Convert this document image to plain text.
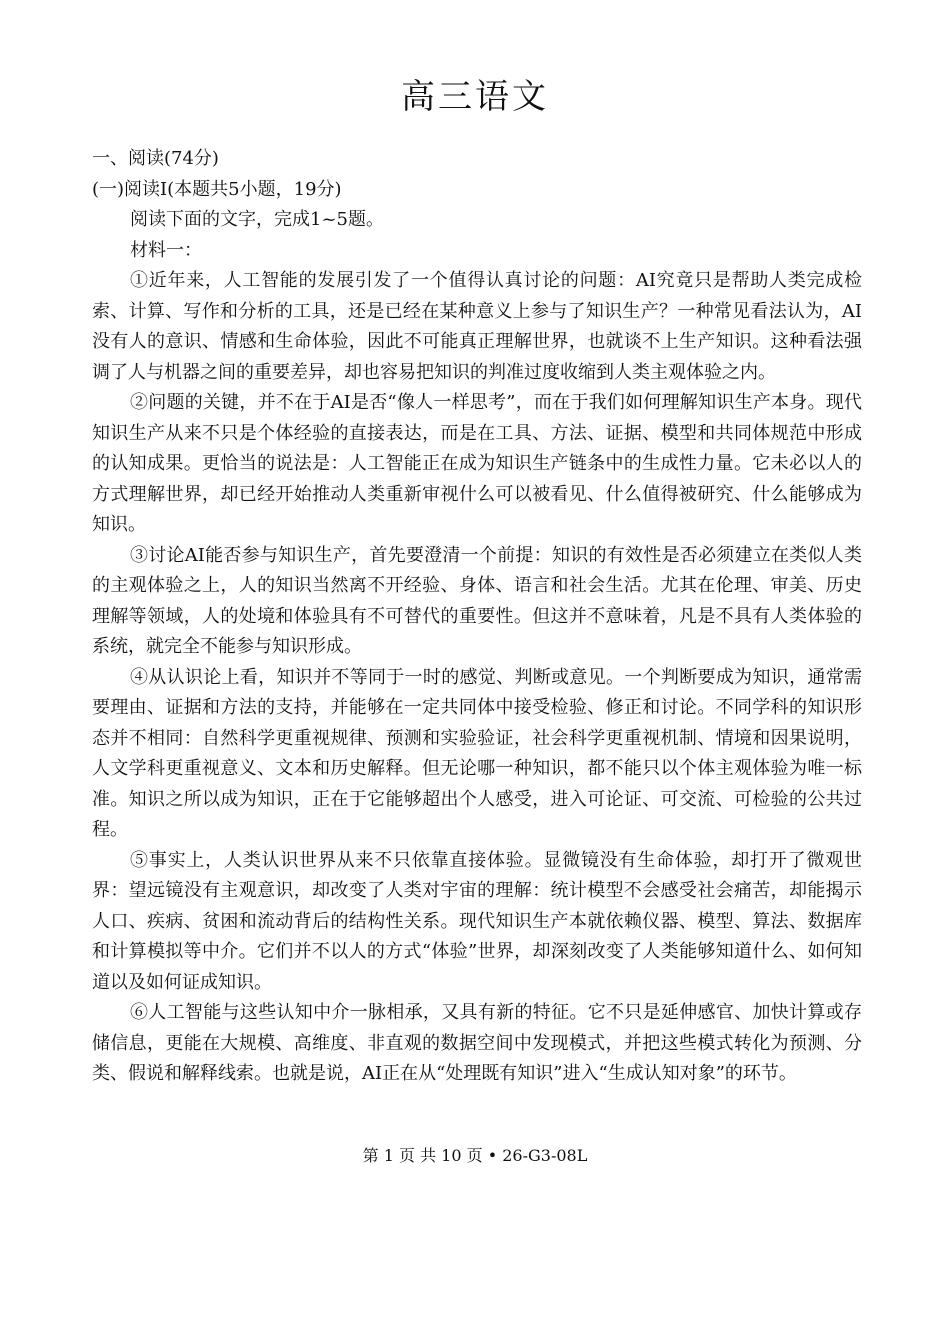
高三语文

一、阅读(74分)

(一)阅读Ⅰ(本题共5小题，19分)

阅读下面的文字，完成1~5题。

材料一：

①近年来，人工智能的发展引发了一个值得认真讨论的问题：AI究竟只是帮助人类完成检索、计算、写作和分析的工具，还是已经在某种意义上参与了知识生产？一种常见看法认为，AI没有人的意识、情感和生命体验，因此不可能真正理解世界，也就谈不上生产知识。这种看法强调了人与机器之间的重要差异，却也容易把知识的判准过度收缩到人类主观体验之内。

②问题的关键，并不在于AI是否“像人一样思考”，而在于我们如何理解知识生产本身。现代知识生产从来不只是个体经验的直接表达，而是在工具、方法、证据、模型和共同体规范中形成的认知成果。更恰当的说法是：人工智能正在成为知识生产链条中的生成性力量。它未必以人的方式理解世界，却已经开始推动人类重新审视什么可以被看见、什么值得被研究、什么能够成为知识。

③讨论AI能否参与知识生产，首先要澄清一个前提：知识的有效性是否必须建立在类似人类的主观体验之上，人的知识当然离不开经验、身体、语言和社会生活。尤其在伦理、审美、历史理解等领域，人的处境和体验具有不可替代的重要性。但这并不意味着，凡是不具有人类体验的系统，就完全不能参与知识形成。

④从认识论上看，知识并不等同于一时的感觉、判断或意见。一个判断要成为知识，通常需要理由、证据和方法的支持，并能够在一定共同体中接受检验、修正和讨论。不同学科的知识形态并不相同：自然科学更重视规律、预测和实验验证，社会科学更重视机制、情境和因果说明，人文学科更重视意义、文本和历史解释。但无论哪一种知识，都不能只以个体主观体验为唯一标准。知识之所以成为知识，正在于它能够超出个人感受，进入可论证、可交流、可检验的公共过程。

⑤事实上，人类认识世界从来不只依靠直接体验。显微镜没有生命体验，却打开了微观世界：望远镜没有主观意识，却改变了人类对宇宙的理解：统计模型不会感受社会痛苦，却能揭示人口、疾病、贫困和流动背后的结构性关系。现代知识生产本就依赖仪器、模型、算法、数据库和计算模拟等中介。它们并不以人的方式“体验”世界，却深刻改变了人类能够知道什么、如何知道以及如何证成知识。

⑥人工智能与这些认知中介一脉相承，又具有新的特征。它不只是延伸感官、加快计算或存储信息，更能在大规模、高维度、非直观的数据空间中发现模式，并把这些模式转化为预测、分类、假说和解释线索。也就是说，AI正在从“处理既有知识”进入“生成认知对象”的环节。

第 1 页 共 10 页 • 26-G3-08L
